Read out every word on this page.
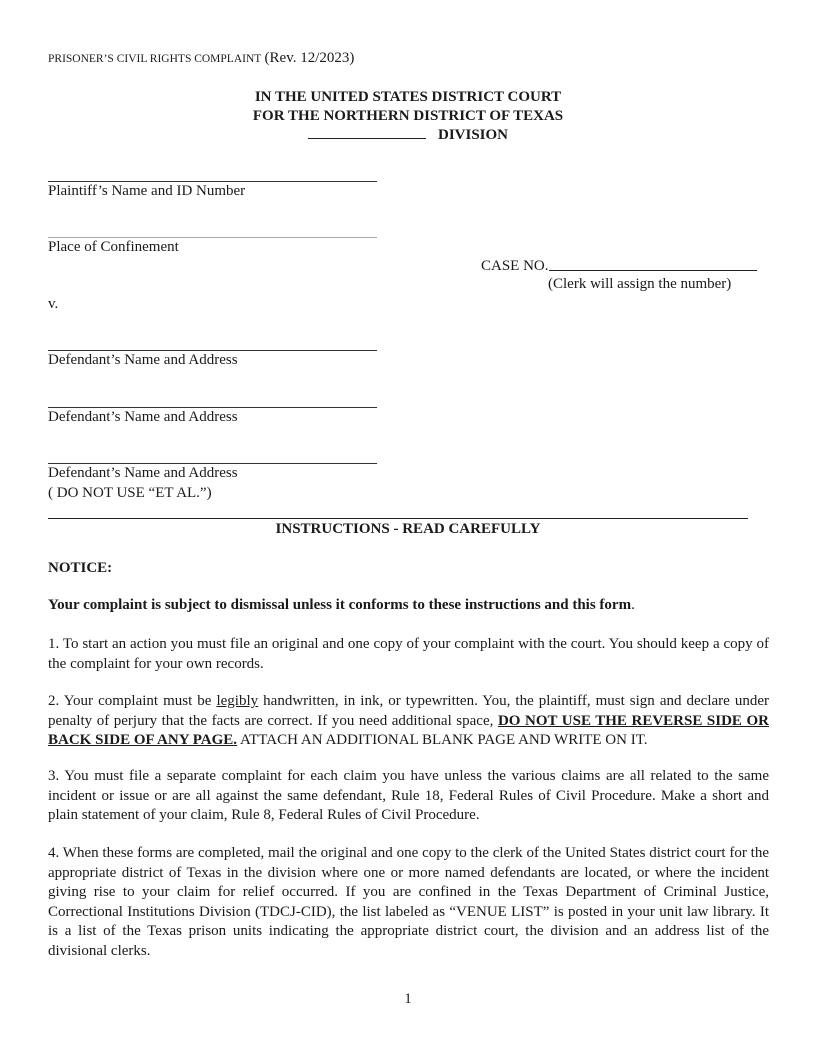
PRISONER’S CIVIL RIGHTS COMPLAINT (Rev. 12/2023)
IN THE UNITED STATES DISTRICT COURT
FOR THE NORTHERN DISTRICT OF TEXAS
DIVISION
Plaintiff’s Name and ID Number
Place of Confinement
CASE NO.
(Clerk will assign the number)
v.
Defendant’s Name and Address
Defendant’s Name and Address
Defendant’s Name and Address
( DO NOT USE “ET AL.”)
INSTRUCTIONS - READ CAREFULLY
NOTICE:
Your complaint is subject to dismissal unless it conforms to these instructions and this form.

1. To start an action you must file an original and one copy of your complaint with the court. You should keep a copy of the complaint for your own records.

2. Your complaint must be legibly handwritten, in ink, or typewritten. You, the plaintiff, must sign and declare under penalty of perjury that the facts are correct. If you need additional space, DO NOT USE THE REVERSE SIDE OR BACK SIDE OF ANY PAGE. ATTACH AN ADDITIONAL BLANK PAGE AND WRITE ON IT.

3. You must file a separate complaint for each claim you have unless the various claims are all related to the same incident or issue or are all against the same defendant, Rule 18, Federal Rules of Civil Procedure. Make a short and plain statement of your claim, Rule 8, Federal Rules of Civil Procedure.

4. When these forms are completed, mail the original and one copy to the clerk of the United States district court for the appropriate district of Texas in the division where one or more named defendants are located, or where the incident giving rise to your claim for relief occurred. If you are confined in the Texas Department of Criminal Justice, Correctional Institutions Division (TDCJ-CID), the list labeled as “VENUE LIST” is posted in your unit law library. It is a list of the Texas prison units indicating the appropriate district court, the division and an address list of the divisional clerks.

1
